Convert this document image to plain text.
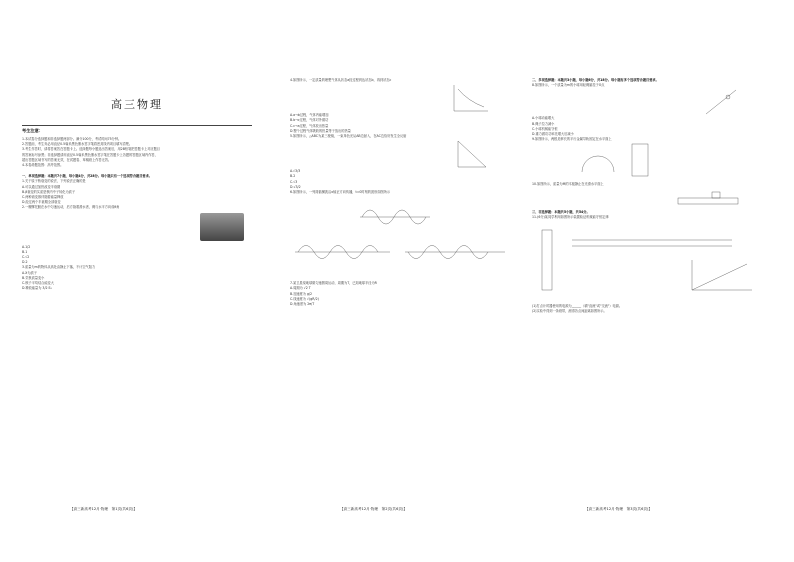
高三物理
考生注意：

1.本试卷分选择题和非选择题两部分。满分100分，考试时间75分钟。

2.答题前，考生务必用直径0.5毫米黑色墨水签字笔将密封线内项目填写清楚。

3.考生作答时，请将答案答在答题卡上。选择题每小题选出答案后，用2B铅笔把答题卡上对应题目

的答案标号涂黑；非选择题请用直径0.5毫米黑色墨水签字笔在答题卡上各题的答题区域内作答，

超出答题区域书写的答案无效，在试题卷、草稿纸上作答无效。

4.本卷命题范围：高考范围。

一、单项选择题：本题共7小题，每小题4分，共28分。每小题只有一个选项符合题目要求。

1.关于原子核衰变的说法，下列说法正确的是

A.可以通过加热改变半衰期

B.β衰变的实质是核内中子转化为质子

C.两种衰变都伴随着能量释放

D.经过两个半衰期全部衰变

2.一艘摩托艇在水中匀速运动，后方拖着滑水者，绳与水平方向成θ角

A.1/2

B.1

C.√2

D.2

3.质量为m的物体从高处由静止下落，不计空气阻力

A.X为质子

B.氘核质量变小

C.核子平均结合能变大

D.释放能量为 3/2 E₀

4.如图所示，一定质量的理想气体从状态a经过程到达状态b，再到状态c

A.a→b过程，气体内能增加

B.b→c过程，气体对外做功

C.c→a过程，气体放出热量

D.整个过程气体吸收的热量等于放出的热量

5.如图所示，△ABC为某三棱镜，一束单色光从AB边射入，在AC边恰好发生全反射

A.√3/3

B.2

C.√3

D.√3/2

6.如图所示，一列简谐横波沿x轴正方向传播，t=0时刻的波形如图所示

7.某卫星绕地球做匀速圆周运动，周期为T，已知地球半径为R

A.周期为 √2 T

B.加速度为 g/2

C.线速度为 √(gR/2)

D.角速度为 2π/T

二、多项选择题：本题共3小题，每小题6分，共18分。每小题有多个选项符合题目要求。

8.如图所示，一个质量为m的小球用轻绳悬挂于O点

A.小球动能增大

B.绳子拉力减小

C.小球机械能守恒

D.重力做功功率先增大后减小

9.如图所示，两根足够长的平行金属导轨固定在水平面上

10.如图所示，质量为M的木板静止在光滑水平面上

三、非选择题：本题共5小题，共54分。

11.(6分)某同学利用如图所示装置验证机械能守恒定律

(1)打点计时器使用的电源为______（填"直流"或"交流"）电源。

(2)实验中得到一条纸带，测得各点间距离如图所示。

【高三新高考12月·物理　第1页(共6页)】	【高三新高考12月·物理　第2页(共6页)】	【高三新高考12月·物理　第3页(共6页)】
